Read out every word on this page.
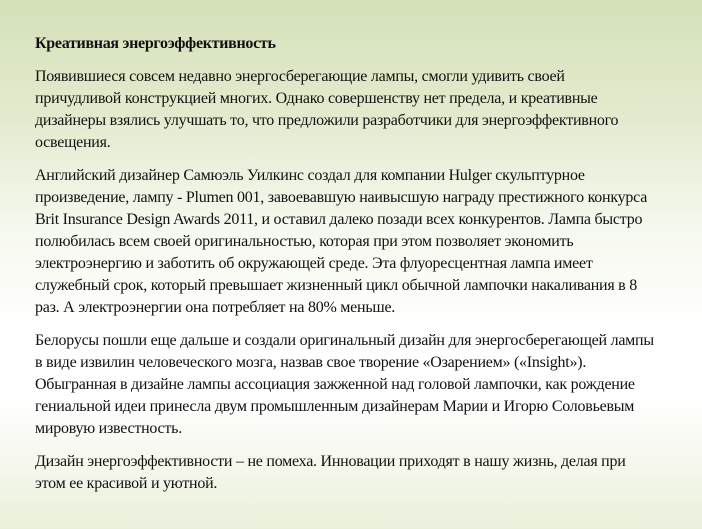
Креативная энергоэффективность

Появившиеся совсем недавно энергосберегающие лампы, смогли удивить своей
причудливой конструкцией многих. Однако совершенству нет предела, и креативные
дизайнеры взялись улучшать то, что предложили разработчики для энергоэффективного
освещения.

Английский дизайнер Самюэль Уилкинс создал для компании Hulger скульптурное
произведение, лампу - Plumen 001, завоевавшую наивысшую награду престижного конкурса
Brit Insurance Design Awards 2011, и оставил далеко позади всех конкурентов. Лампа быстро
полюбилась всем своей оригинальностью, которая при этом позволяет экономить
электроэнергию и заботить об окружающей среде. Эта флуоресцентная лампа имеет
служебный срок, который превышает жизненный цикл обычной лампочки накаливания в 8
раз. А электроэнергии она потребляет на 80% меньше.

Белорусы пошли еще дальше и создали оригинальный дизайн для энергосберегающей лампы
в виде извилин человеческого мозга, назвав свое творение «Озарением» («Insight»).
Обыгранная в дизайне лампы ассоциация зажженной над головой лампочки, как рождение
гениальной идеи принесла двум промышленным дизайнерам Марии и Игорю Соловьевым
мировую известность.

Дизайн энергоэффективности – не помеха. Инновации приходят в нашу жизнь, делая при
этом ее красивой и уютной.
